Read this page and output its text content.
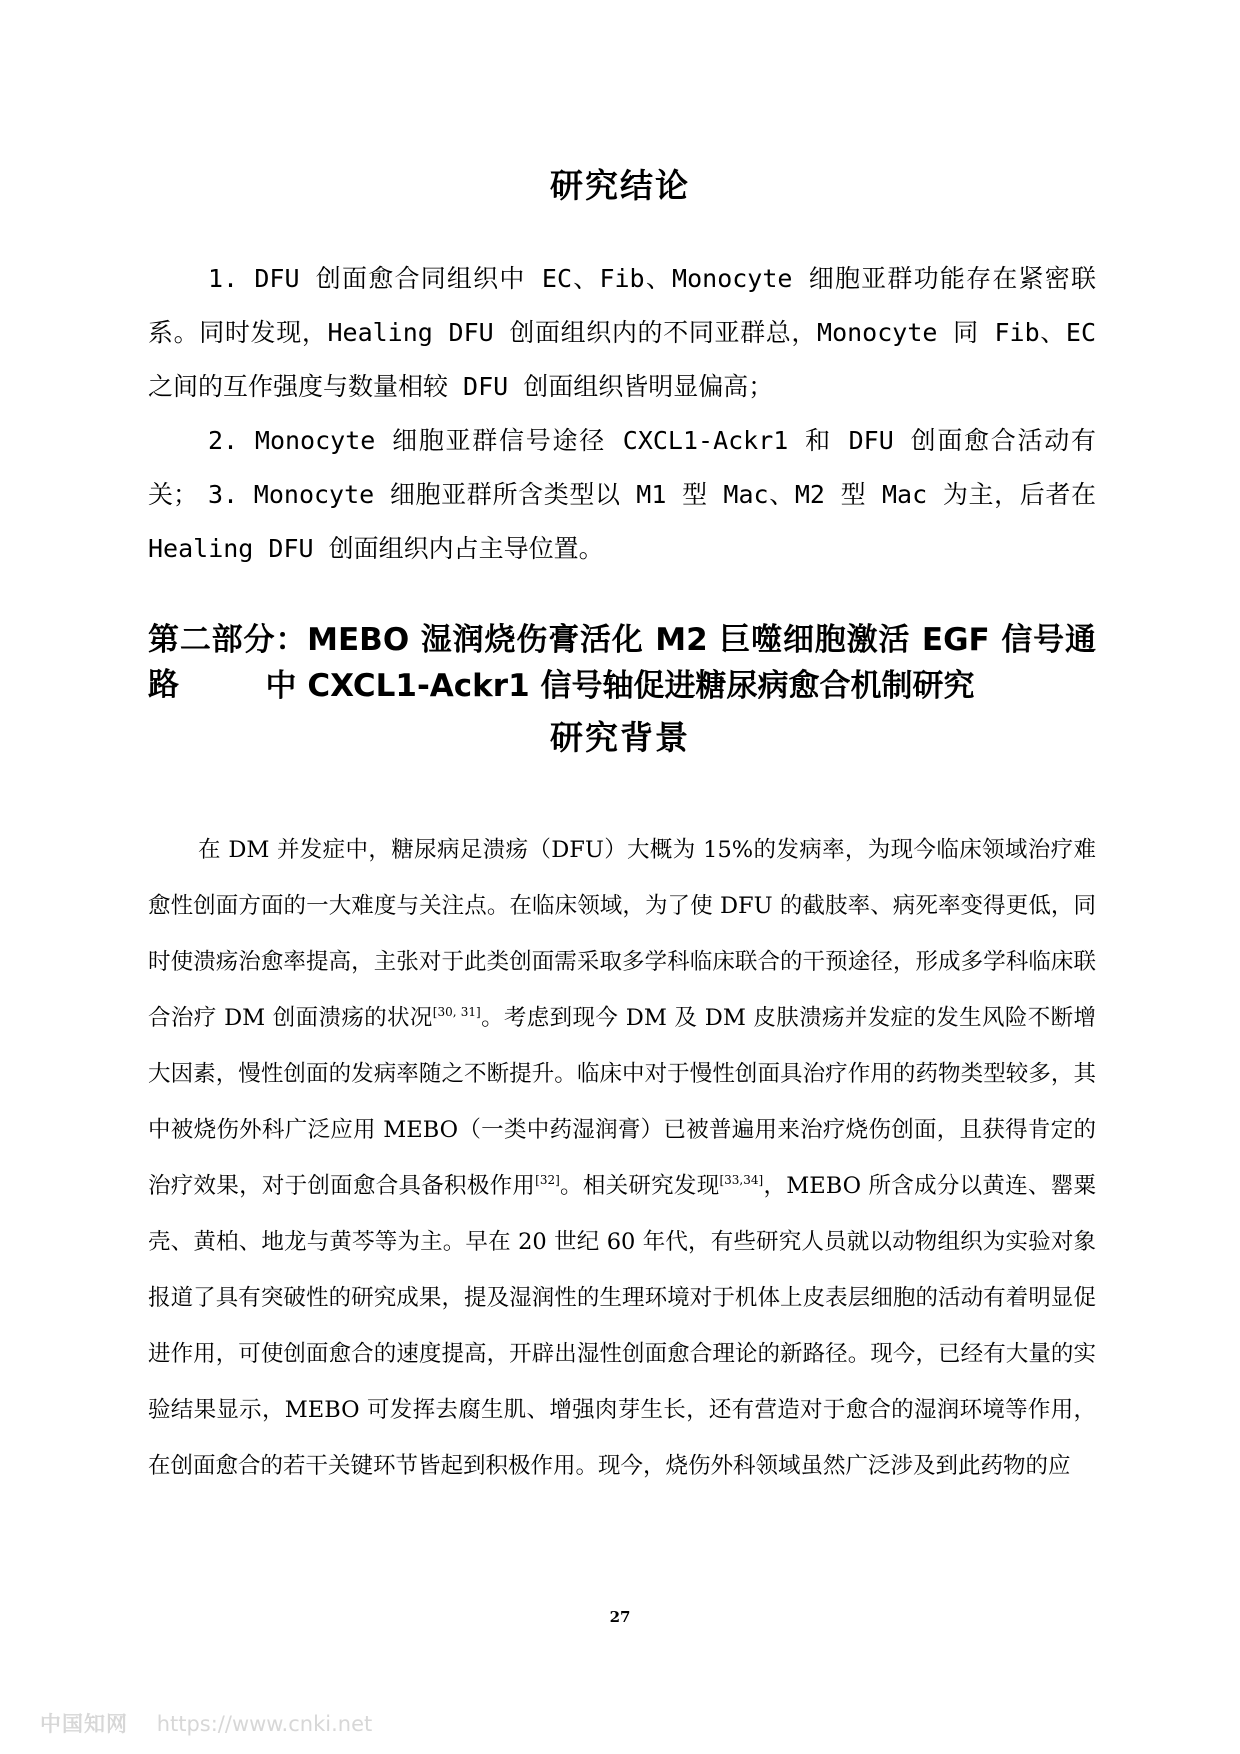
研究结论
1. DFU 创面愈合同组织中 EC、Fib、Monocyte 细胞亚群功能存在紧密联系。同时发现，Healing DFU 创面组织内的不同亚群总，Monocyte 同 Fib、EC 之间的互作强度与数量相较 DFU 创面组织皆明显偏高；
2. Monocyte 细胞亚群信号途径 CXCL1-Ackr1 和 DFU 创面愈合活动有关； 3. Monocyte 细胞亚群所含类型以 M1 型 Mac、M2 型 Mac 为主，后者在 Healing DFU 创面组织内占主导位置。
第二部分：MEBO 湿润烧伤膏活化 M2 巨噬细胞激活 EGF 信号通路	中 CXCL1-Ackr1 信号轴促进糖尿病愈合机制研究
研究背景
在 DM 并发症中，糖尿病足溃疡（DFU）大概为 15%的发病率，为现今临床领域治疗难愈性创面方面的一大难度与关注点。在临床领域，为了使 DFU 的截肢率、病死率变得更低，同时使溃疡治愈率提高，主张对于此类创面需采取多学科临床联合的干预途径，形成多学科临床联合治疗 DM 创面溃疡的状况[30, 31]。考虑到现今 DM 及 DM 皮肤溃疡并发症的发生风险不断增大因素，慢性创面的发病率随之不断提升。临床中对于慢性创面具治疗作用的药物类型较多，其中被烧伤外科广泛应用 MEBO（一类中药湿润膏）已被普遍用来治疗烧伤创面，且获得肯定的治疗效果，对于创面愈合具备积极作用[32]。相关研究发现[33,34]，MEBO 所含成分以黄连、罂粟壳、黄柏、地龙与黄芩等为主。早在 20 世纪 60 年代，有些研究人员就以动物组织为实验对象报道了具有突破性的研究成果，提及湿润性的生理环境对于机体上皮表层细胞的活动有着明显促进作用，可使创面愈合的速度提高，开辟出湿性创面愈合理论的新路径。现今，已经有大量的实验结果显示，MEBO 可发挥去腐生肌、增强肉芽生长，还有营造对于愈合的湿润环境等作用，在创面愈合的若干关键环节皆起到积极作用。现今，烧伤外科领域虽然广泛涉及到此药物的应
27
中国知网 https://www.cnki.net
